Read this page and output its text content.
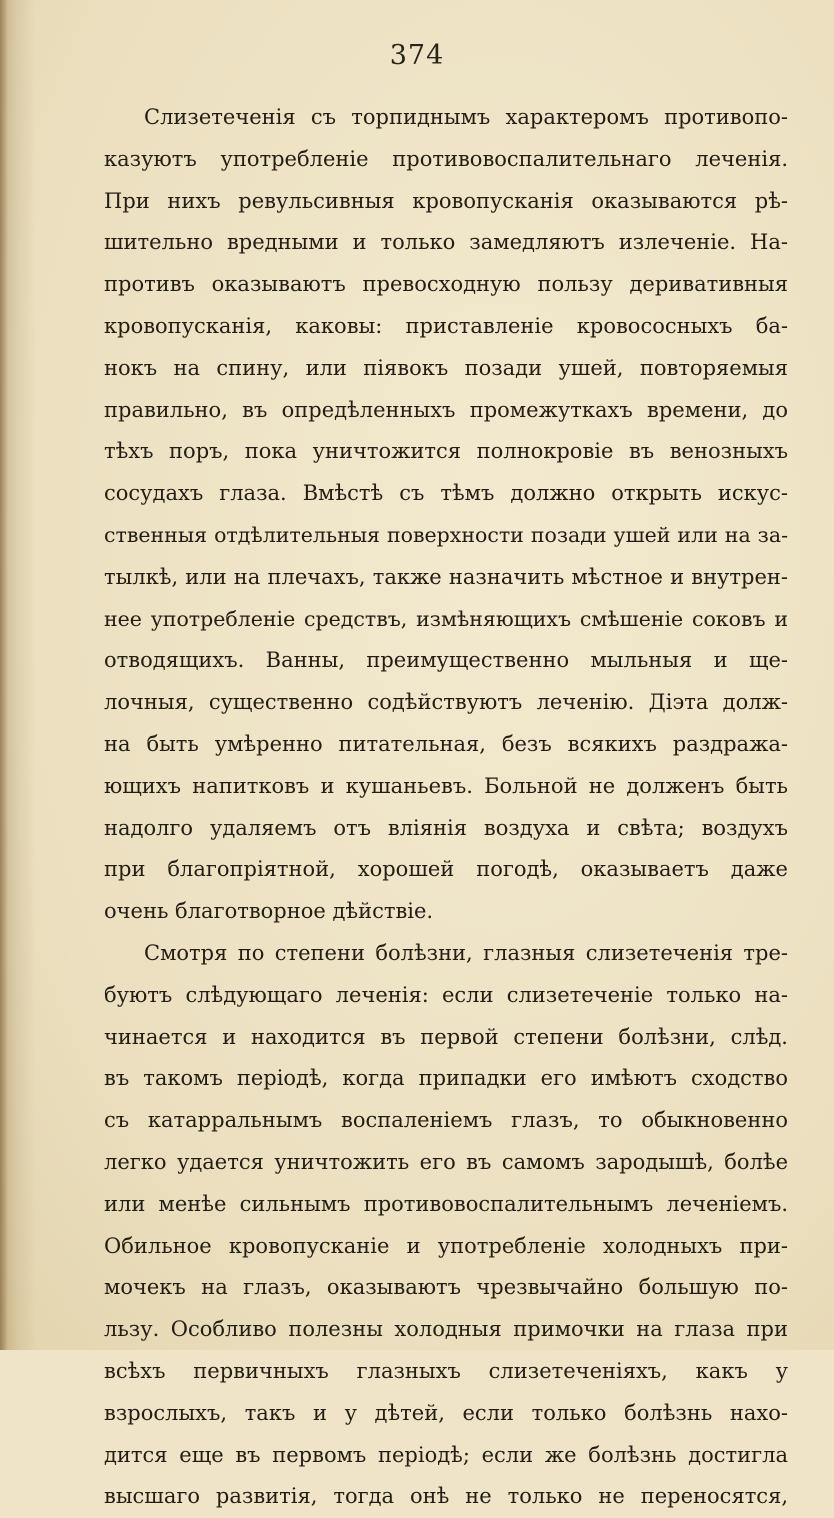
374
Слизетеченія съ торпиднымъ характеромъ противопо-
казуютъ употребленіе противовоспалительнаго леченія.
При нихъ ревульсивныя кровопусканія оказываются рѣ-
шительно вредными и только замедляютъ излеченіе. На-
противъ оказываютъ превосходную пользу деривативныя
кровопусканія, каковы: приставленіе кровососныхъ ба-
нокъ на спину, или піявокъ позади ушей, повторяемыя
правильно, въ опредѣленныхъ промежуткахъ времени, до
тѣхъ поръ, пока уничтожится полнокровіе въ венозныхъ
сосудахъ глаза. Вмѣстѣ съ тѣмъ должно открыть искус-
ственныя отдѣлительныя поверхности позади ушей или на за-
тылкѣ, или на плечахъ, также назначить мѣстное и внутрен-
нее употребленіе средствъ, измѣняющихъ смѣшеніе соковъ и
отводящихъ. Ванны, преимущественно мыльныя и ще-
лочныя, существенно содѣйствуютъ леченію. Діэта долж-
на быть умѣренно питательная, безъ всякихъ раздража-
ющихъ напитковъ и кушаньевъ. Больной не долженъ быть
надолго удаляемъ отъ вліянія воздуха и свѣта; воздухъ
при благопріятной, хорошей погодѣ, оказываетъ даже
очень благотворное дѣйствіе.
Смотря по степени болѣзни, глазныя слизетеченія тре-
буютъ слѣдующаго леченія: если слизетеченіе только на-
чинается и находится въ первой степени болѣзни, слѣд.
въ такомъ періодѣ, когда припадки его имѣютъ сходство
съ катарральнымъ воспаленіемъ глазъ, то обыкновенно
легко удается уничтожить его въ самомъ зародышѣ, болѣе
или менѣе сильнымъ противовоспалительнымъ леченіемъ.
Обильное кровопусканіе и употребленіе холодныхъ при-
мочекъ на глазъ, оказываютъ чрезвычайно большую по-
льзу. Особливо полезны холодныя примочки на глаза при
всѣхъ первичныхъ глазныхъ слизетеченіяхъ, какъ у
взрослыхъ, такъ и у дѣтей, если только болѣзнь нахо-
дится еще въ первомъ періодѣ; если же болѣзнь достигла
высшаго развитія, тогда онѣ не только не переносятся,
